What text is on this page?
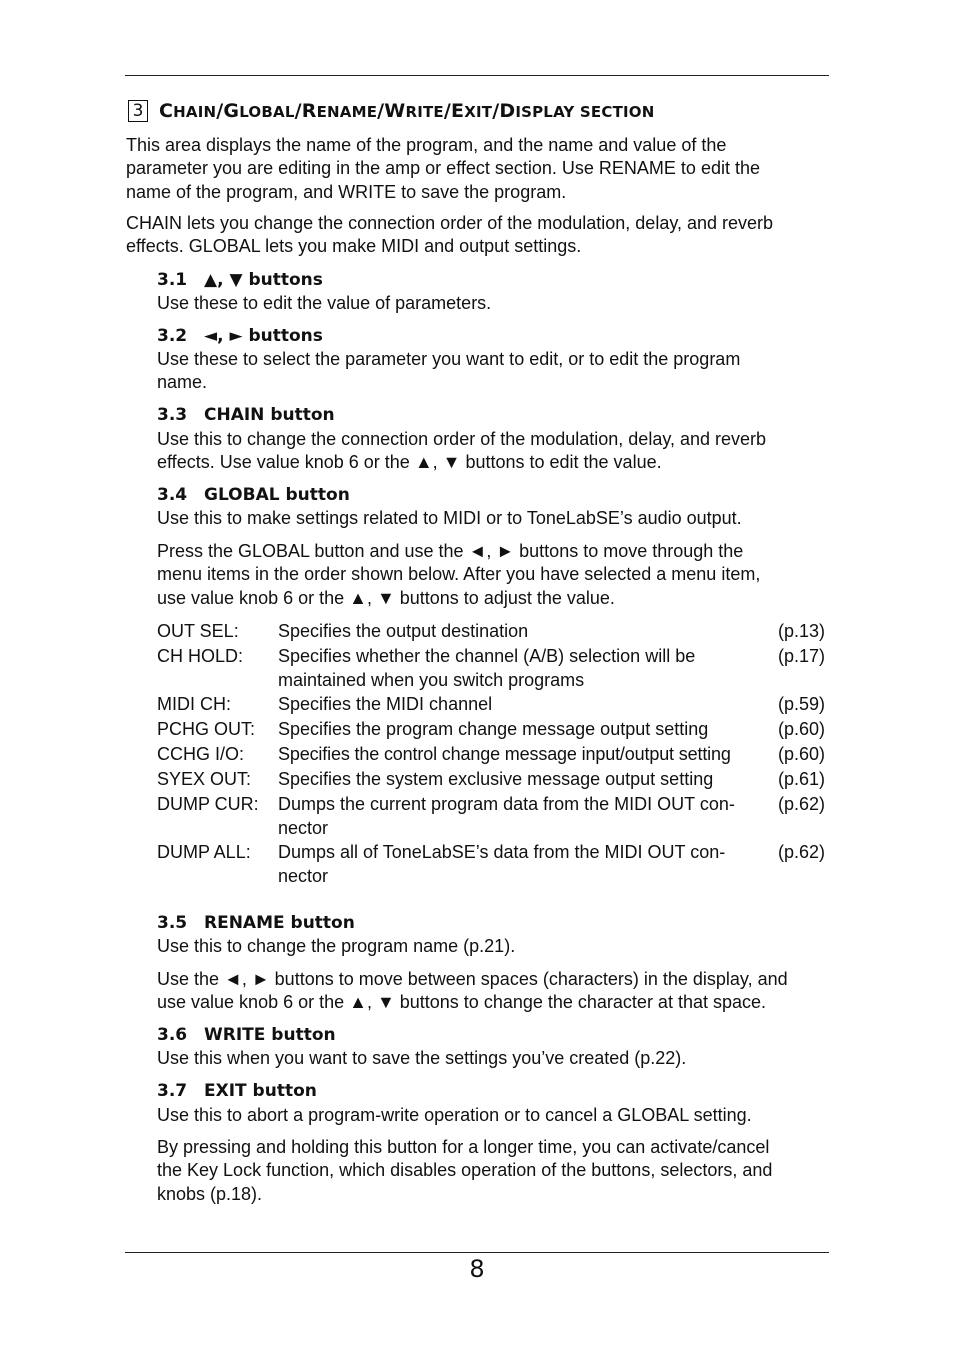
3 CHAIN/GLOBAL/RENAME/WRITE/EXIT/DISPLAY SECTION
This area displays the name of the program, and the name and value of the
parameter you are editing in the amp or effect section. Use RENAME to edit the
name of the program, and WRITE to save the program.
CHAIN lets you change the connection order of the modulation, delay, and reverb
effects. GLOBAL lets you make MIDI and output settings.
3.1 ▲, ▼ buttons
Use these to edit the value of parameters.
3.2 ◄, ► buttons
Use these to select the parameter you want to edit, or to edit the program
name.
3.3 CHAIN button
Use this to change the connection order of the modulation, delay, and reverb
effects. Use value knob 6 or the ▲, ▼ buttons to edit the value.
3.4 GLOBAL button
Use this to make settings related to MIDI or to ToneLabSE’s audio output.
Press the GLOBAL button and use the ◄, ► buttons to move through the
menu items in the order shown below. After you have selected a menu item,
use value knob 6 or the ▲, ▼ buttons to adjust the value.
OUT SEL: Specifies the output destination	(p.13)
CH HOLD: Specifies whether the channel (A/B) selection will be
maintained when you switch programs
(p.17)
MIDI CH:	Specifies the MIDI channel	(p.59)
PCHG OUT: Specifies the program change message output setting	(p.60)
CCHG I/O: Specifies the control change message input/output setting	(p.60)
SYEX OUT: Specifies the system exclusive message output setting	(p.61)
DUMP CUR: Dumps the current program data from the MIDI OUT con-
nector
(p.62)
DUMP ALL: Dumps all of ToneLabSE’s data from the MIDI OUT con-
nector
(p.62)
3.5 RENAME button
Use this to change the program name (p.21).
Use the ◄, ► buttons to move between spaces (characters) in the display, and
use value knob 6 or the ▲, ▼ buttons to change the character at that space.
3.6 WRITE button
Use this when you want to save the settings you’ve created (p.22).
3.7 EXIT button
Use this to abort a program-write operation or to cancel a GLOBAL setting.
By pressing and holding this button for a longer time, you can activate/cancel
the Key Lock function, which disables operation of the buttons, selectors, and
knobs (p.18).
8
